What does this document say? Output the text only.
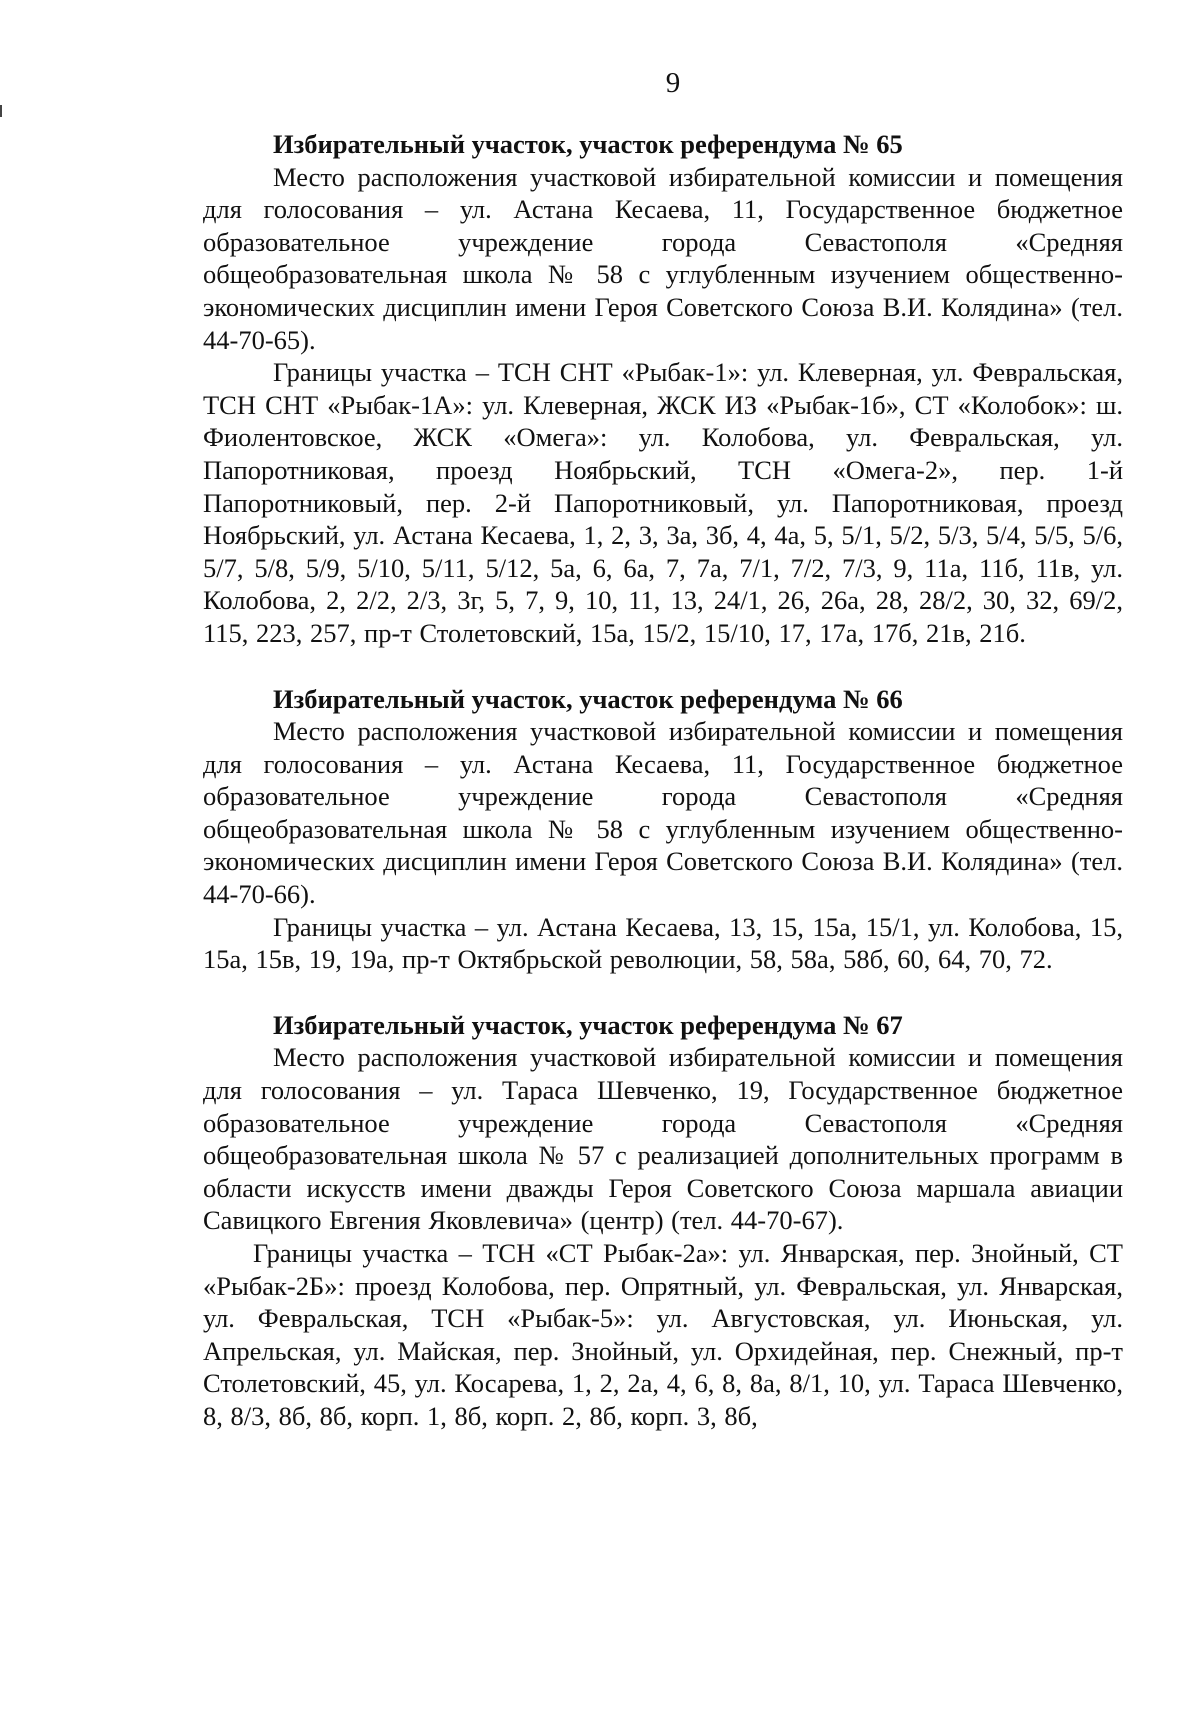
9
Избирательный участок, участок референдума № 65

Место расположения участковой избирательной комиссии и помещения для голосования – ул. Астана Кесаева, 11, Государственное бюджетное образовательное учреждение города Севастополя «Средняя общеобразовательная школа № 58 с углубленным изучением общественно-экономических дисциплин имени Героя Советского Союза В.И. Колядина» (тел. 44-70-65).

Границы участка – ТСН СНТ «Рыбак-1»: ул. Клеверная, ул. Февральская, ТСН СНТ «Рыбак-1А»: ул. Клеверная, ЖСК ИЗ «Рыбак-1б», СТ «Колобок»: ш. Фиолентовское, ЖСК «Омега»: ул. Колобова, ул. Февральская, ул. Папоротниковая, проезд Ноябрьский, ТСН «Омега-2», пер. 1-й Папоротниковый, пер. 2-й Папоротниковый, ул. Папоротниковая, проезд Ноябрьский, ул. Астана Кесаева, 1, 2, 3, 3а, 3б, 4, 4а, 5, 5/1, 5/2, 5/3, 5/4, 5/5, 5/6, 5/7, 5/8, 5/9, 5/10, 5/11, 5/12, 5а, 6, 6а, 7, 7а, 7/1, 7/2, 7/3, 9, 11а, 11б, 11в, ул. Колобова, 2, 2/2, 2/3, 3г, 5, 7, 9, 10, 11, 13, 24/1, 26, 26а, 28, 28/2, 30, 32, 69/2, 115, 223, 257, пр-т Столетовский, 15а, 15/2, 15/10, 17, 17а, 17б, 21в, 21б.

Избирательный участок, участок референдума № 66

Место расположения участковой избирательной комиссии и помещения для голосования – ул. Астана Кесаева, 11, Государственное бюджетное образовательное учреждение города Севастополя «Средняя общеобразовательная школа № 58 с углубленным изучением общественно-экономических дисциплин имени Героя Советского Союза В.И. Колядина» (тел. 44-70-66).

Границы участка – ул. Астана Кесаева, 13, 15, 15а, 15/1, ул. Колобова, 15, 15а, 15в, 19, 19а, пр-т Октябрьской революции, 58, 58а, 58б, 60, 64, 70, 72.

Избирательный участок, участок референдума № 67

Место расположения участковой избирательной комиссии и помещения для голосования – ул. Тараса Шевченко, 19, Государственное бюджетное образовательное учреждение города Севастополя «Средняя общеобразовательная школа № 57 с реализацией дополнительных программ в области искусств имени дважды Героя Советского Союза маршала авиации Савицкого Евгения Яковлевича» (центр) (тел. 44-70-67).

Границы участка – ТСН «СТ Рыбак-2а»: ул. Январская, пер. Знойный, СТ «Рыбак-2Б»: проезд Колобова, пер. Опрятный, ул. Февральская, ул. Январская, ул. Февральская, ТСН «Рыбак-5»: ул. Августовская, ул. Июньская, ул. Апрельская, ул. Майская, пер. Знойный, ул. Орхидейная, пер. Снежный, пр-т Столетовский, 45, ул. Косарева, 1, 2, 2а, 4, 6, 8, 8а, 8/1, 10, ул. Тараса Шевченко, 8, 8/3, 8б, 8б, корп. 1, 8б, корп. 2, 8б, корп. 3, 8б,
